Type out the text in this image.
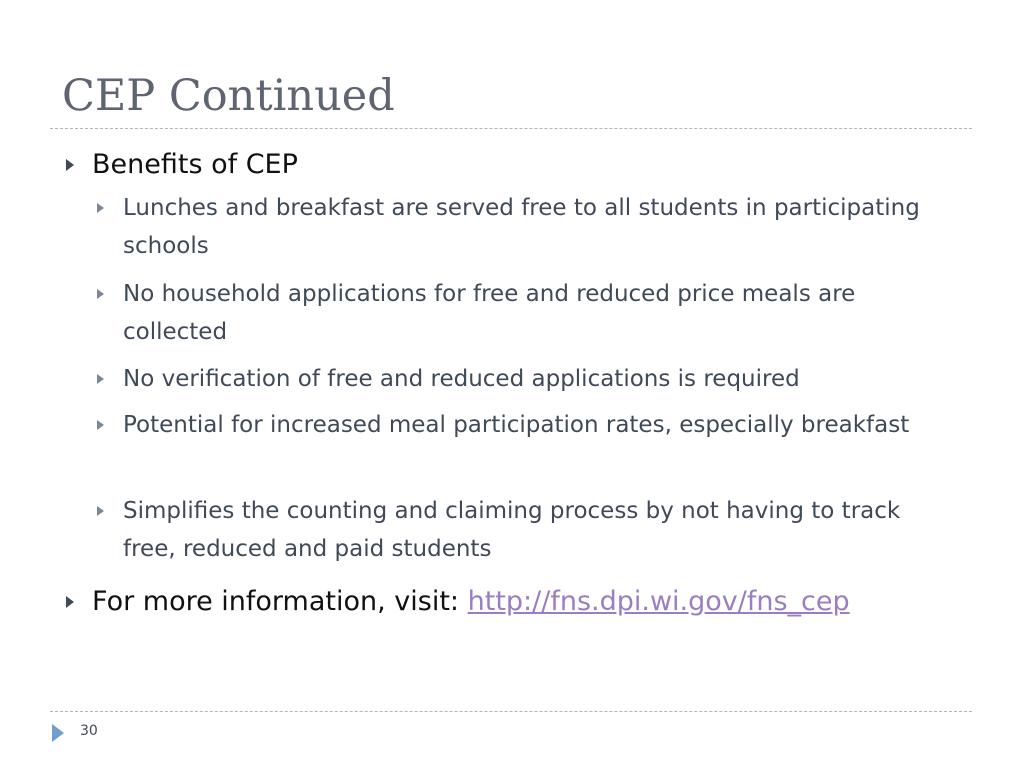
CEP Continued
Benefits of CEP
Lunches and breakfast are served free to all students in participating schools
No household applications for free and reduced price meals are collected
No verification of free and reduced applications is required
Potential for increased meal participation rates, especially breakfast
Simplifies the counting and claiming process by not having to track free, reduced and paid students
For more information, visit: http://fns.dpi.wi.gov/fns_cep
30
